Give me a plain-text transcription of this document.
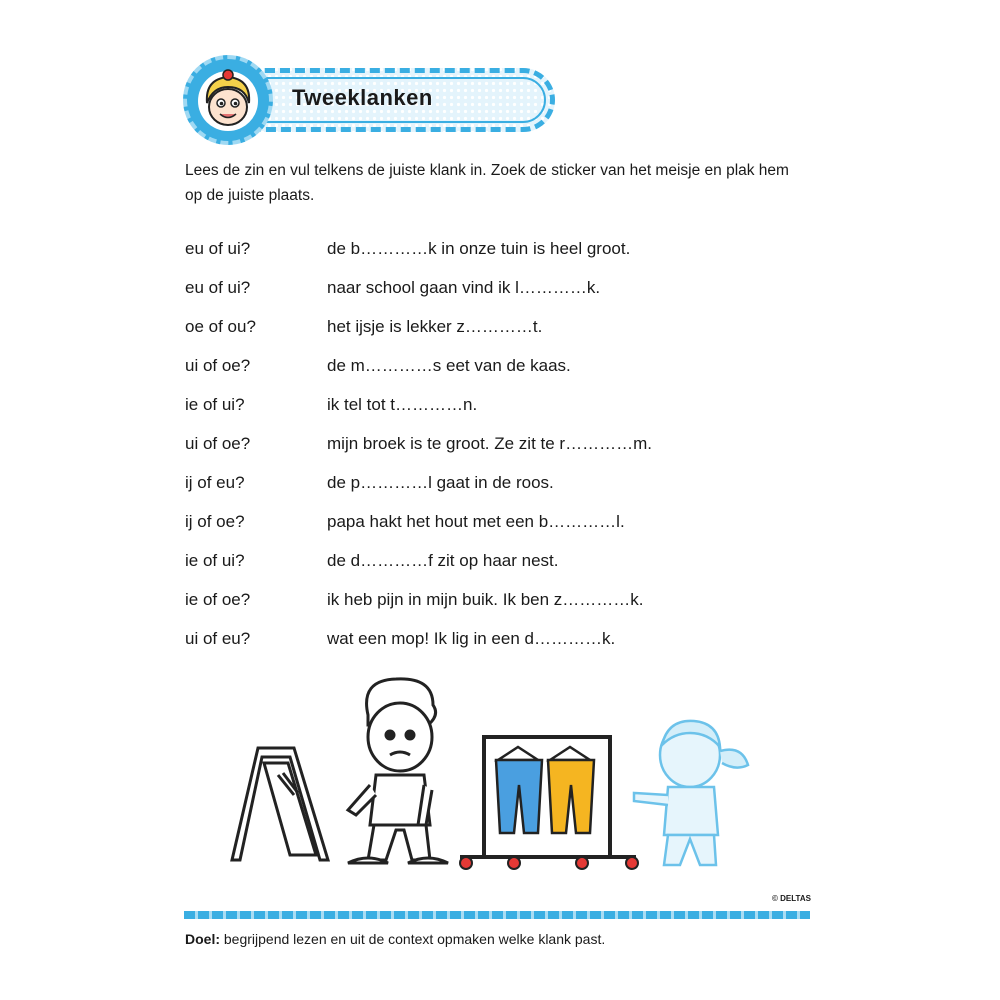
Tweeklanken
Lees de zin en vul telkens de juiste klank in. Zoek de sticker van het meisje en plak hem op de juiste plaats.
eu of ui?	de b…………k in onze tuin is heel groot.
eu of ui?	naar school gaan vind ik l…………k.
oe of ou?	het ijsje is lekker z…………t.
ui of oe?	de m…………s eet van de kaas.
ie of ui?	ik tel tot t…………n.
ui of oe?	mijn broek is te groot. Ze zit te r…………m.
ij of eu?	de p…………l gaat in de roos.
ij of oe?	papa hakt het hout met een b…………l.
ie of ui?	de d…………f zit op haar nest.
ie of oe?	ik heb pijn in mijn buik. Ik ben z…………k.
ui of eu?	wat een mop! Ik lig in een d…………k.
© DELTAS
Doel: begrijpend lezen en uit de context opmaken welke klank past.
